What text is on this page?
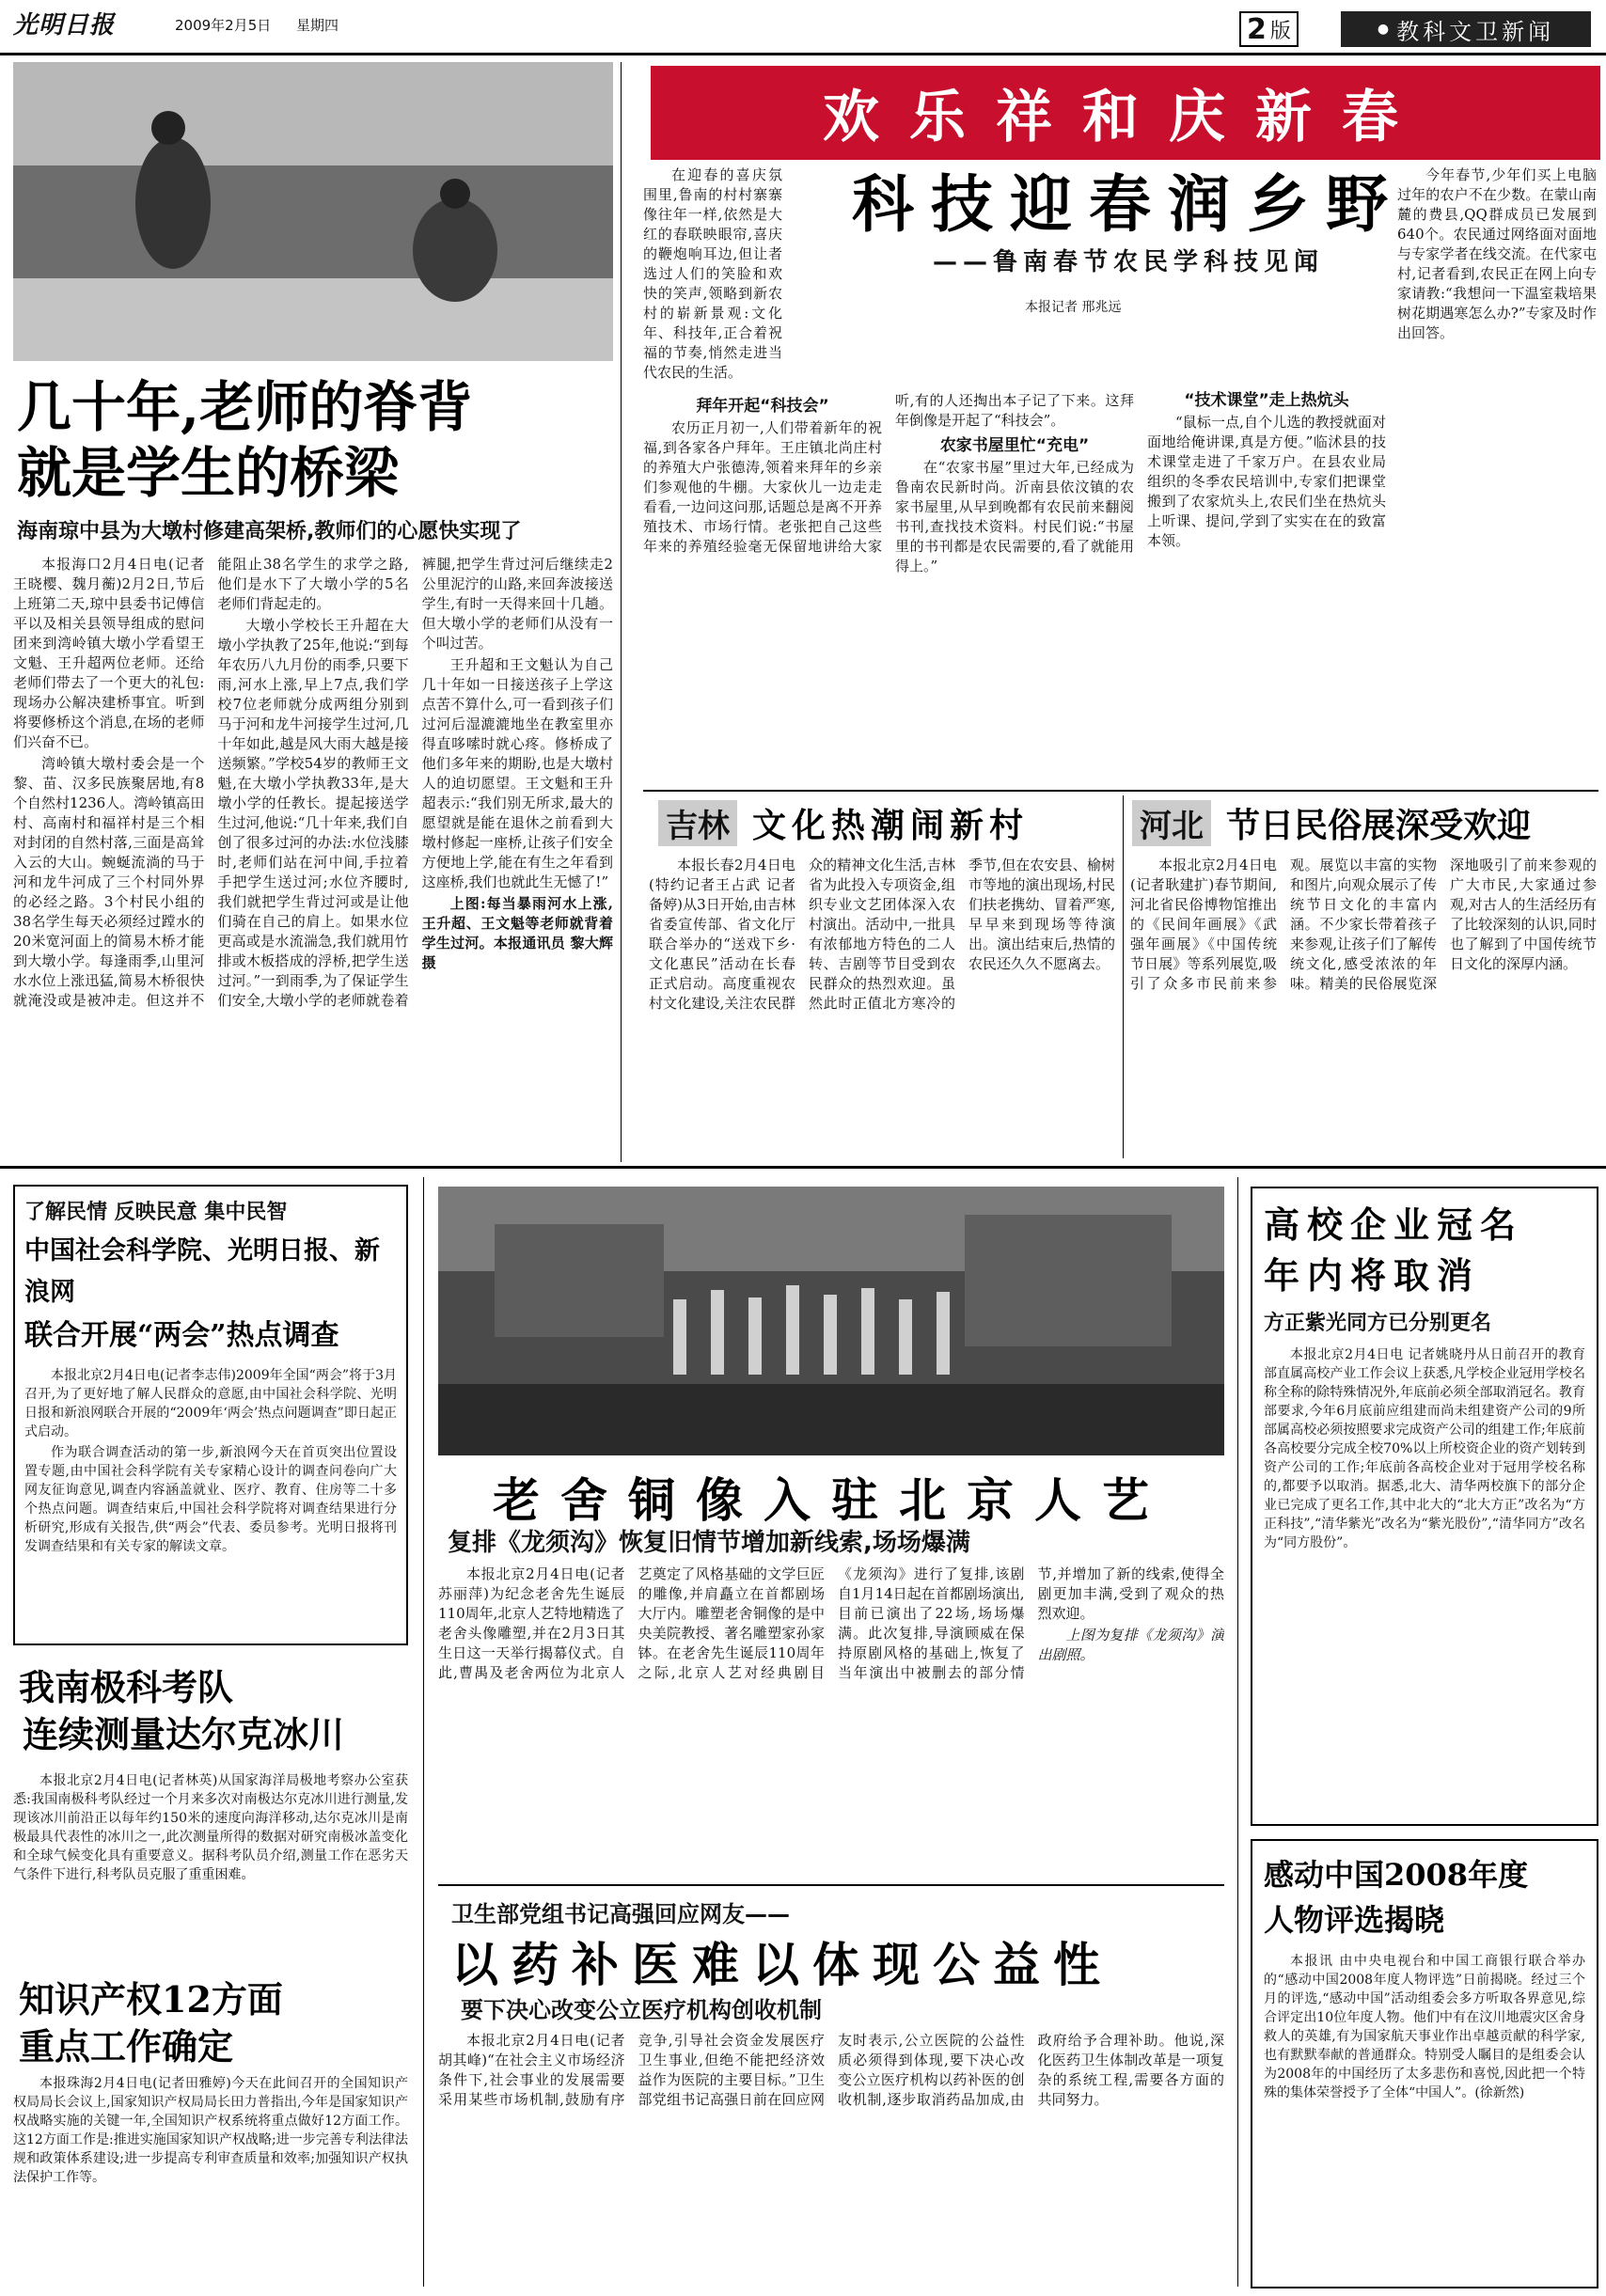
光明日报	2009年2月5日 星期四	2 版	● 教科文卫新闻
几十年,老师的脊背
就是学生的桥梁
海南琼中县为大墩村修建高架桥,教师们的心愿快实现了

本报海口2月4日电(记者王晓樱、魏月蘅)2月2日,节后上班第二天,琼中县委书记傅信平以及相关县领导组成的慰问团来到湾岭镇大墩小学看望王文魁、王升超两位老师。还给老师们带去了一个更大的礼包:现场办公解决建桥事宜。听到将要修桥这个消息,在场的老师们兴奋不已。

湾岭镇大墩村委会是一个黎、苗、汉多民族聚居地,有8个自然村1236人。湾岭镇高田村、高南村和福祥村是三个相对封闭的自然村落,三面是高耸入云的大山。蜿蜒流淌的马于河和龙牛河成了三个村同外界的必经之路。3个村民小组的38名学生每天必须经过蹚水的20米宽河面上的简易木桥才能到大墩小学。每逢雨季,山里河水水位上涨迅猛,简易木桥很快就淹没或是被冲走。但这并不能阻止38名学生的求学之路,他们是水下了大墩小学的5名老师们背起走的。

大墩小学校长王升超在大墩小学执教了25年,他说:“到每年农历八九月份的雨季,只要下雨,河水上涨,早上7点,我们学校7位老师就分成两组分别到马于河和龙牛河接学生过河,几十年如此,越是风大雨大越是接送频繁。”学校54岁的教师王文魁,在大墩小学执教33年,是大墩小学的任教长。提起接送学生过河,他说:“几十年来,我们自创了很多过河的办法:水位浅膝时,老师们站在河中间,手拉着手把学生送过河;水位齐腰时,我们就把学生背过河或是让他们骑在自己的肩上。如果水位更高或是水流湍急,我们就用竹排或木板搭成的浮桥,把学生送过河。”一到雨季,为了保证学生们安全,大墩小学的老师就卷着裤腿,把学生背过河后继续走2公里泥泞的山路,来回奔波接送学生,有时一天得来回十几趟。但大墩小学的老师们从没有一个叫过苦。

王升超和王文魁认为自己几十年如一日接送孩子上学这点苦不算什么,可一看到孩子们过河后湿漉漉地坐在教室里亦得直哆嗦时就心疼。修桥成了他们多年来的期盼,也是大墩村人的迫切愿望。王文魁和王升超表示:“我们别无所求,最大的愿望就是能在退休之前看到大墩村修起一座桥,让孩子们安全方便地上学,能在有生之年看到这座桥,我们也就此生无憾了!”

上图:每当暴雨河水上涨,王升超、王文魁等老师就背着学生过河。本报通讯员 黎大辉摄

欢乐祥和庆新春
科技迎春润乡野
——鲁南春节农民学科技见闻
在迎春的喜庆氛围里,鲁南的村村寨寨像往年一样,依然是大红的春联映眼帘,喜庆的鞭炮响耳边,但让者选过人们的笑脸和欢快的笑声,领略到新农村的崭新景观:文化年、科技年,正合着祝福的节奏,悄然走进当代农民的生活。
本报记者 邢兆远

拜年开起“科技会”

农历正月初一,人们带着新年的祝福,到各家各户拜年。王庄镇北尚庄村的养殖大户张德涛,领着来拜年的乡亲们参观他的牛棚。大家伙儿一边走走看看,一边问这问那,话题总是离不开养殖技术、市场行情。老张把自己这些年来的养殖经验毫无保留地讲给大家听,有的人还掏出本子记了下来。这拜年倒像是开起了“科技会”。

农家书屋里忙“充电”

在“农家书屋”里过大年,已经成为鲁南农民新时尚。沂南县依汶镇的农家书屋里,从早到晚都有农民前来翻阅书刊,查找技术资料。村民们说:“书屋里的书刊都是农民需要的,看了就能用得上。”

“技术课堂”走上热炕头

“鼠标一点,自个儿选的教授就面对面地给俺讲课,真是方便。”临沭县的技术课堂走进了千家万户。在县农业局组织的冬季农民培训中,专家们把课堂搬到了农家炕头上,农民们坐在热炕头上听课、提问,学到了实实在在的致富本领。

今年春节,少年们买上电脑过年的农户不在少数。在蒙山南麓的费县,QQ群成员已发展到640个。农民通过网络面对面地与专家学者在线交流。在代家屯村,记者看到,农民正在网上向专家请教:“我想问一下温室栽培果树花期遇寒怎么办?”专家及时作出回答。
吉林 文化热潮闹新村
本报长春2月4日电(特约记者王占武 记者备婷)从3日开始,由吉林省委宣传部、省文化厅联合举办的“送戏下乡·文化惠民”活动在长春正式启动。高度重视农村文化建设,关注农民群众的精神文化生活,吉林省为此投入专项资金,组织专业文艺团体深入农村演出。活动中,一批具有浓郁地方特色的二人转、吉剧等节目受到农民群众的热烈欢迎。虽然此时正值北方寒冷的季节,但在农安县、榆树市等地的演出现场,村民们扶老携幼、冒着严寒,早早来到现场等待演出。演出结束后,热情的农民还久久不愿离去。
河北 节日民俗展深受欢迎
本报北京2月4日电(记者耿建扩)春节期间,河北省民俗博物馆推出的《民间年画展》《武强年画展》《中国传统节日展》等系列展览,吸引了众多市民前来参观。展览以丰富的实物和图片,向观众展示了传统节日文化的丰富内涵。不少家长带着孩子来参观,让孩子们了解传统文化,感受浓浓的年味。精美的民俗展览深深地吸引了前来参观的广大市民,大家通过参观,对古人的生活经历有了比较深刻的认识,同时也了解到了中国传统节日文化的深厚内涵。
了解民情 反映民意 集中民智
中国社会科学院、光明日报、新浪网
联合开展“两会”热点调查

本报北京2月4日电(记者李志伟)2009年全国“两会”将于3月召开,为了更好地了解人民群众的意愿,由中国社会科学院、光明日报和新浪网联合开展的“2009年‘两会’热点问题调查”即日起正式启动。

作为联合调查活动的第一步,新浪网今天在首页突出位置设置专题,由中国社会科学院有关专家精心设计的调查问卷向广大网友征询意见,调查内容涵盖就业、医疗、教育、住房等二十多个热点问题。调查结束后,中国社会科学院将对调查结果进行分析研究,形成有关报告,供“两会”代表、委员参考。光明日报将刊发调查结果和有关专家的解读文章。

我南极科考队
连续测量达尔克冰川
本报北京2月4日电(记者林英)从国家海洋局极地考察办公室获悉:我国南极科考队经过一个月来多次对南极达尔克冰川进行测量,发现该冰川前沿正以每年约150米的速度向海洋移动,达尔克冰川是南极最具代表性的冰川之一,此次测量所得的数据对研究南极冰盖变化和全球气候变化具有重要意义。据科考队员介绍,测量工作在恶劣天气条件下进行,科考队员克服了重重困难。
知识产权12方面
重点工作确定
本报珠海2月4日电(记者田雅婷)今天在此间召开的全国知识产权局局长会议上,国家知识产权局局长田力普指出,今年是国家知识产权战略实施的关键一年,全国知识产权系统将重点做好12方面工作。这12方面工作是:推进实施国家知识产权战略;进一步完善专利法律法规和政策体系建设;进一步提高专利审查质量和效率;加强知识产权执法保护工作等。
老舍铜像入驻北京人艺
复排《龙须沟》恢复旧情节增加新线索,场场爆满

本报北京2月4日电(记者苏丽萍)为纪念老舍先生诞辰110周年,北京人艺特地精选了老舍头像雕塑,并在2月3日其生日这一天举行揭幕仪式。自此,曹禺及老舍两位为北京人艺奠定了风格基础的文学巨匠的雕像,并肩矗立在首都剧场大厅内。雕塑老舍铜像的是中央美院教授、著名雕塑家孙家钵。在老舍先生诞辰110周年之际,北京人艺对经典剧目《龙须沟》进行了复排,该剧自1月14日起在首都剧场演出,目前已演出了22场,场场爆满。此次复排,导演顾威在保持原剧风格的基础上,恢复了当年演出中被删去的部分情节,并增加了新的线索,使得全剧更加丰满,受到了观众的热烈欢迎。

上图为复排《龙须沟》演出剧照。

卫生部党组书记高强回应网友——
以药补医难以体现公益性
要下决心改变公立医疗机构创收机制
本报北京2月4日电(记者胡其峰)“在社会主义市场经济条件下,社会事业的发展需要采用某些市场机制,鼓励有序竞争,引导社会资金发展医疗卫生事业,但绝不能把经济效益作为医院的主要目标。”卫生部党组书记高强日前在回应网友时表示,公立医院的公益性质必须得到体现,要下决心改变公立医疗机构以药补医的创收机制,逐步取消药品加成,由政府给予合理补助。他说,深化医药卫生体制改革是一项复杂的系统工程,需要各方面的共同努力。
高校企业冠名
年内将取消
方正紫光同方已分别更名
本报北京2月4日电 记者姚晓丹从日前召开的教育部直属高校产业工作会议上获悉,凡学校企业冠用学校名称全称的除特殊情况外,年底前必须全部取消冠名。教育部要求,今年6月底前应组建而尚未组建资产公司的9所部属高校必须按照要求完成资产公司的组建工作;年底前各高校要分完成全校70%以上所校资企业的资产划转到资产公司的工作;年底前各高校企业对于冠用学校名称的,都要予以取消。据悉,北大、清华两校旗下的部分企业已完成了更名工作,其中北大的“北大方正”改名为“方正科技”,“清华紫光”改名为“紫光股份”,“清华同方”改名为“同方股份”。
感动中国2008年度
人物评选揭晓
本报讯 由中央电视台和中国工商银行联合举办的“感动中国2008年度人物评选”日前揭晓。经过三个月的评选,“感动中国”活动组委会多方听取各界意见,综合评定出10位年度人物。他们中有在汶川地震灾区舍身救人的英雄,有为国家航天事业作出卓越贡献的科学家,也有默默奉献的普通群众。特别受人瞩目的是组委会认为2008年的中国经历了太多悲伤和喜悦,因此把一个特殊的集体荣誉授予了全体“中国人”。(徐新然)
